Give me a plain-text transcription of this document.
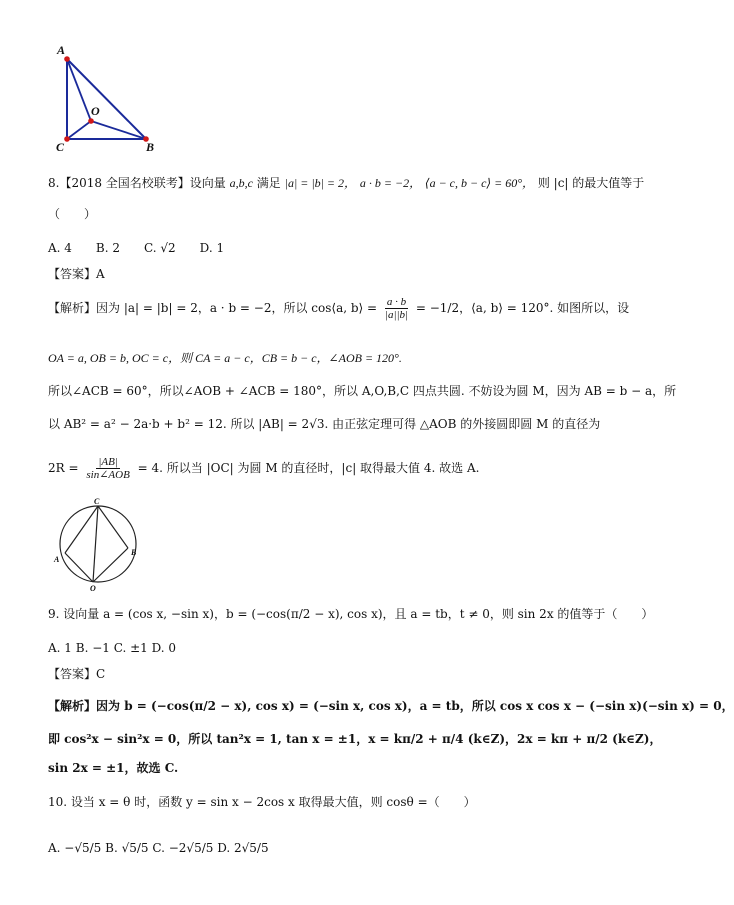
A
O
C	B
8.【2018 全国名校联考】设向量 a,b,c 满足 |a| = |b| = 2， a · b = −2， ⟨a − c, b − c⟩ = 60°， 则 |c| 的最大值等于
（　　）
A. 4　　B. 2　　C. √2　　D. 1
【答案】A
【解析】因为 |a| = |b| = 2，a · b = −2，所以 cos⟨a, b⟩ = $\frac{a \cdot b}{|a||b|} = -1/2$，⟨a, b⟩ = 120°. 如图所以，设
OA = a, OB = b, OC = c，则 CA = a − c，CB = b − c，∠AOB = 120°.
所以∠ACB = 60°，所以∠AOB + ∠ACB = 180°，所以 A,O,B,C 四点共圆. 不妨设为圆 M，因为 AB = b − a，所
以 AB² = a² − 2a·b + b² = 12. 所以 |AB| = 2√3. 由正弦定理可得 △AOB 的外接圆即圆 M 的直径为
$2R = \frac{|AB|}{\text{sin∠AOB}} = 4$. 所以当 |OC| 为圆 M 的直径时，|c| 取得最大值 4. 故选 A.
C
A
B
O
9. 设向量 a = (cos x, −sin x)，b = (−cos(π/2 − x), cos x)，且 a = tb，t ≠ 0，则 sin 2x 的值等于（　　）
A. 1 B. −1 C. ±1 D. 0
【答案】C
【解析】因为 b = (−cos(π/2 − x), cos x) = (−sin x, cos x)，a = tb，所以 cos x cos x − (−sin x)(−sin x) = 0，
即 cos²x − sin²x = 0，所以 tan²x = 1, tan x = ±1，x = kπ/2 + π/4 (k∈Z)，2x = kπ + π/2 (k∈Z)，
sin 2x = ±1，故选 C.
10. 设当 x = θ 时，函数 y = sin x − 2cos x 取得最大值，则 cosθ =（　　）
A. −√5/5 B. √5/5 C. −2√5/5 D. 2√5/5
